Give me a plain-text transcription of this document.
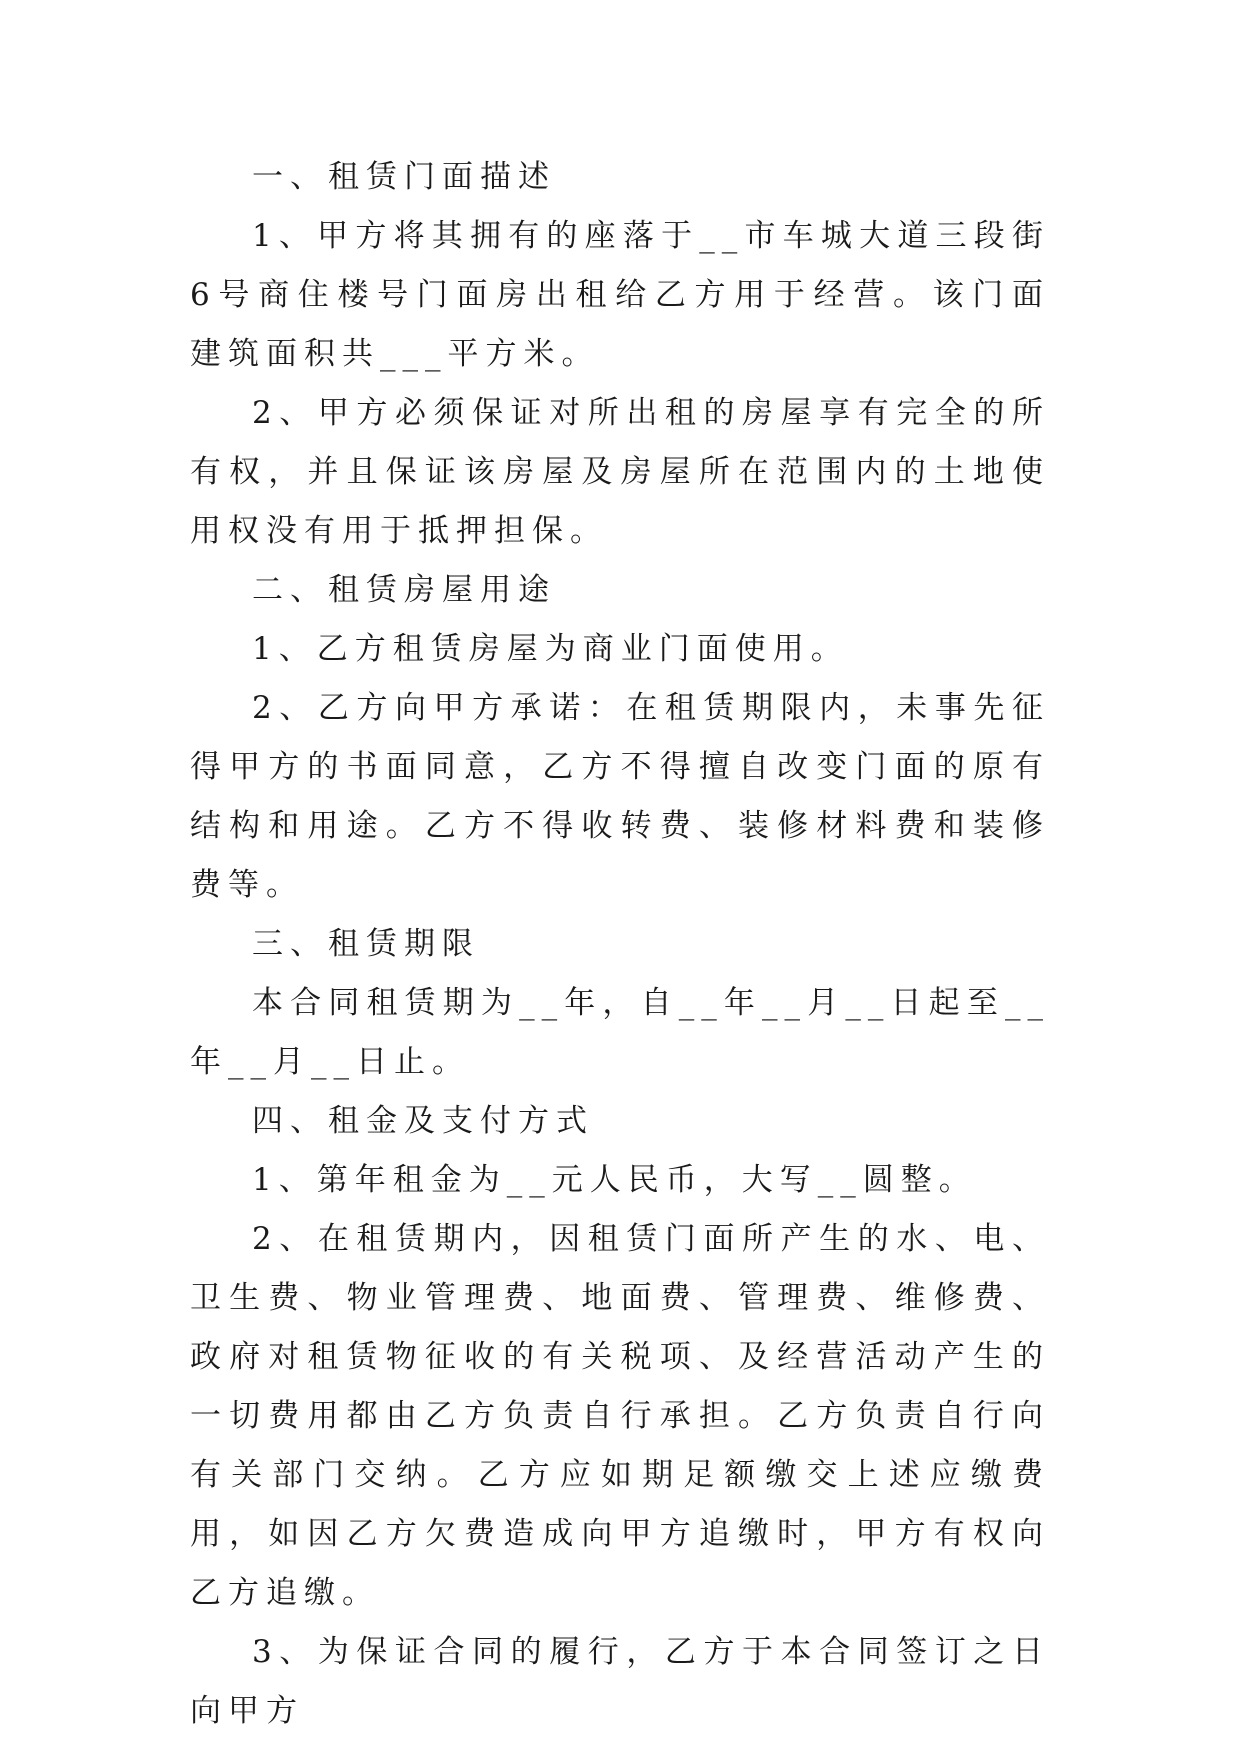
一、租赁门面描述

1、甲方将其拥有的座落于__市车城大道三段街6号商住楼号门面房出租给乙方用于经营。该门面建筑面积共___平方米。

2、甲方必须保证对所出租的房屋享有完全的所有权，并且保证该房屋及房屋所在范围内的土地使用权没有用于抵押担保。

二、租赁房屋用途

1、乙方租赁房屋为商业门面使用。

2、乙方向甲方承诺：在租赁期限内，未事先征得甲方的书面同意，乙方不得擅自改变门面的原有结构和用途。乙方不得收转费、装修材料费和装修费等。

三、租赁期限

本合同租赁期为__年，自__年__月__日起至__年__月__日止。

四、租金及支付方式

1、第年租金为__元人民币，大写__圆整。

2、在租赁期内，因租赁门面所产生的水、电、卫生费、物业管理费、地面费、管理费、维修费、政府对租赁物征收的有关税项、及经营活动产生的一切费用都由乙方负责自行承担。乙方负责自行向有关部门交纳。乙方应如期足额缴交上述应缴费用，如因乙方欠费造成向甲方追缴时，甲方有权向乙方追缴。

3、为保证合同的履行，乙方于本合同签订之日向甲方
